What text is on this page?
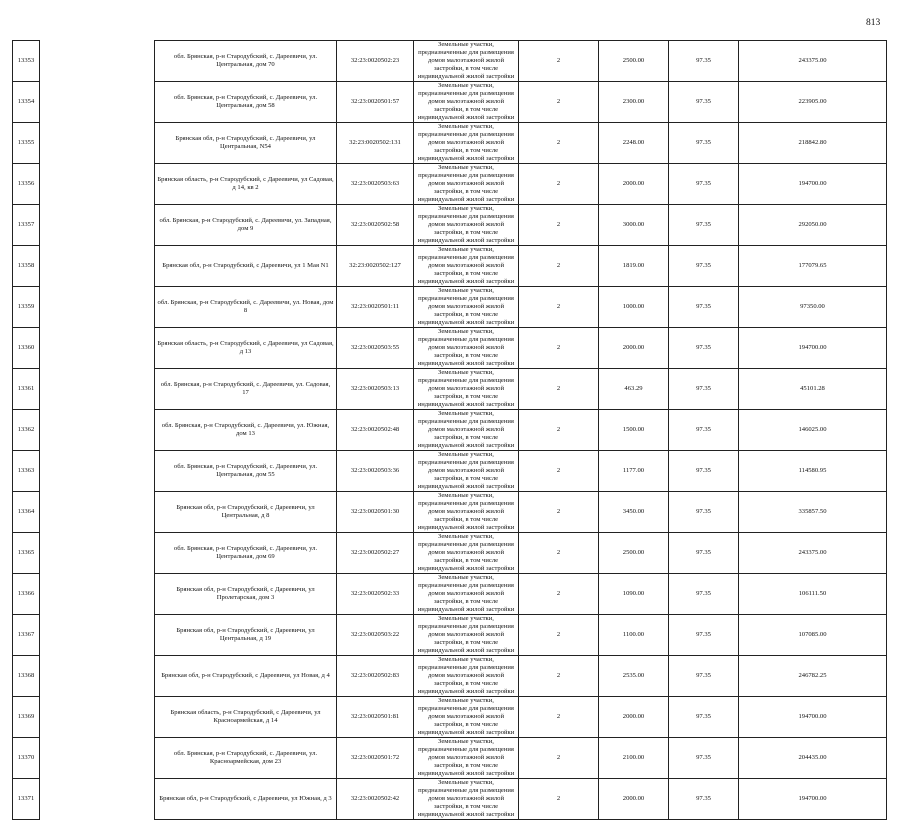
813
13353		обл. Брянская, р-н Стародубский, с. Дареевичи, ул. Центральная, дом 70	32:23:0020502:23	Земельные участки, предназначенные для размещения домов малоэтажной жилой застройки, в том числе индивидуальной жилой застройки	2	2500.00	97.35	243375.00
13354		обл. Брянская, р-н Стародубский, с. Дареевичи, ул. Центральная, дом 58	32:23:0020501:57	Земельные участки, предназначенные для размещения домов малоэтажной жилой застройки, в том числе индивидуальной жилой застройки	2	2300.00	97.35	223905.00
13355		Брянская обл, р-н Стародубский, с. Дареевичи, ул Центральная, N54	32:23:0020502:131	Земельные участки, предназначенные для размещения домов малоэтажной жилой застройки, в том числе индивидуальной жилой застройки	2	2248.00	97.35	218842.80
13356		Брянская область, р-н Стародубский, с Дареевичи, ул Садовая, д 14, кв 2	32:23:0020503:63	Земельные участки, предназначенные для размещения домов малоэтажной жилой застройки, в том числе индивидуальной жилой застройки	2	2000.00	97.35	194700.00
13357		обл. Брянская, р-н Стародубский, с. Дареевичи, ул. Западная, дом 9	32:23:0020502:58	Земельные участки, предназначенные для размещения домов малоэтажной жилой застройки, в том числе индивидуальной жилой застройки	2	3000.00	97.35	292050.00
13358		Брянская обл, р-н Стародубский, с Дареевичи, ул 1 Мая N1	32:23:0020502:127	Земельные участки, предназначенные для размещения домов малоэтажной жилой застройки, в том числе индивидуальной жилой застройки	2	1819.00	97.35	177079.65
13359		обл. Брянская, р-н Стародубский, с. Дареевичи, ул. Новая, дом 8	32:23:0020501:11	Земельные участки, предназначенные для размещения домов малоэтажной жилой застройки, в том числе индивидуальной жилой застройки	2	1000.00	97.35	97350.00
13360		Брянская область, р-н Стародубский, с Дареевичи, ул Садовая, д 13	32:23:0020503:55	Земельные участки, предназначенные для размещения домов малоэтажной жилой застройки, в том числе индивидуальной жилой застройки	2	2000.00	97.35	194700.00
13361		обл. Брянская, р-н Стародубский, с. Дареевичи, ул. Садовая, 17	32:23:0020503:13	Земельные участки, предназначенные для размещения домов малоэтажной жилой застройки, в том числе индивидуальной жилой застройки	2	463.29	97.35	45101.28
13362		обл. Брянская, р-н Стародубский, с. Дареевичи, ул. Южная, дом 13	32:23:0020502:48	Земельные участки, предназначенные для размещения домов малоэтажной жилой застройки, в том числе индивидуальной жилой застройки	2	1500.00	97.35	146025.00
13363		обл. Брянская, р-н Стародубский, с. Дареевичи, ул. Центральная, дом 55	32:23:0020503:36	Земельные участки, предназначенные для размещения домов малоэтажной жилой застройки, в том числе индивидуальной жилой застройки	2	1177.00	97.35	114580.95
13364		Брянская обл, р-н Стародубский, с Дареевичи, ул Центральная, д 8	32:23:0020501:30	Земельные участки, предназначенные для размещения домов малоэтажной жилой застройки, в том числе индивидуальной жилой застройки	2	3450.00	97.35	335857.50
13365		обл. Брянская, р-н Стародубский, с. Дареевичи, ул. Центральная, дом 69	32:23:0020502:27	Земельные участки, предназначенные для размещения домов малоэтажной жилой застройки, в том числе индивидуальной жилой застройки	2	2500.00	97.35	243375.00
13366		Брянская обл, р-н Стародубский, с Дареевичи, ул Пролетарская, дом 3	32:23:0020502:33	Земельные участки, предназначенные для размещения домов малоэтажной жилой застройки, в том числе индивидуальной жилой застройки	2	1090.00	97.35	106111.50
13367		Брянская обл, р-н Стародубский, с Дареевичи, ул Центральная, д 19	32:23:0020503:22	Земельные участки, предназначенные для размещения домов малоэтажной жилой застройки, в том числе индивидуальной жилой застройки	2	1100.00	97.35	107085.00
13368		Брянская обл, р-н Стародубский, с Дареевичи, ул Новая, д 4	32:23:0020502:83	Земельные участки, предназначенные для размещения домов малоэтажной жилой застройки, в том числе индивидуальной жилой застройки	2	2535.00	97.35	246782.25
13369		Брянская область, р-н Стародубский, с Дареевичи, ул Красноармейская, д 14	32:23:0020501:81	Земельные участки, предназначенные для размещения домов малоэтажной жилой застройки, в том числе индивидуальной жилой застройки	2	2000.00	97.35	194700.00
13370		обл. Брянская, р-н Стародубский, с. Дареевичи, ул. Красноармейская, дом 23	32:23:0020501:72	Земельные участки, предназначенные для размещения домов малоэтажной жилой застройки, в том числе индивидуальной жилой застройки	2	2100.00	97.35	204435.00
13371		Брянская обл, р-н Стародубский, с Дареевичи, ул Южная, д 3	32:23:0020502:42	Земельные участки, предназначенные для размещения домов малоэтажной жилой застройки, в том числе индивидуальной жилой застройки	2	2000.00	97.35	194700.00
